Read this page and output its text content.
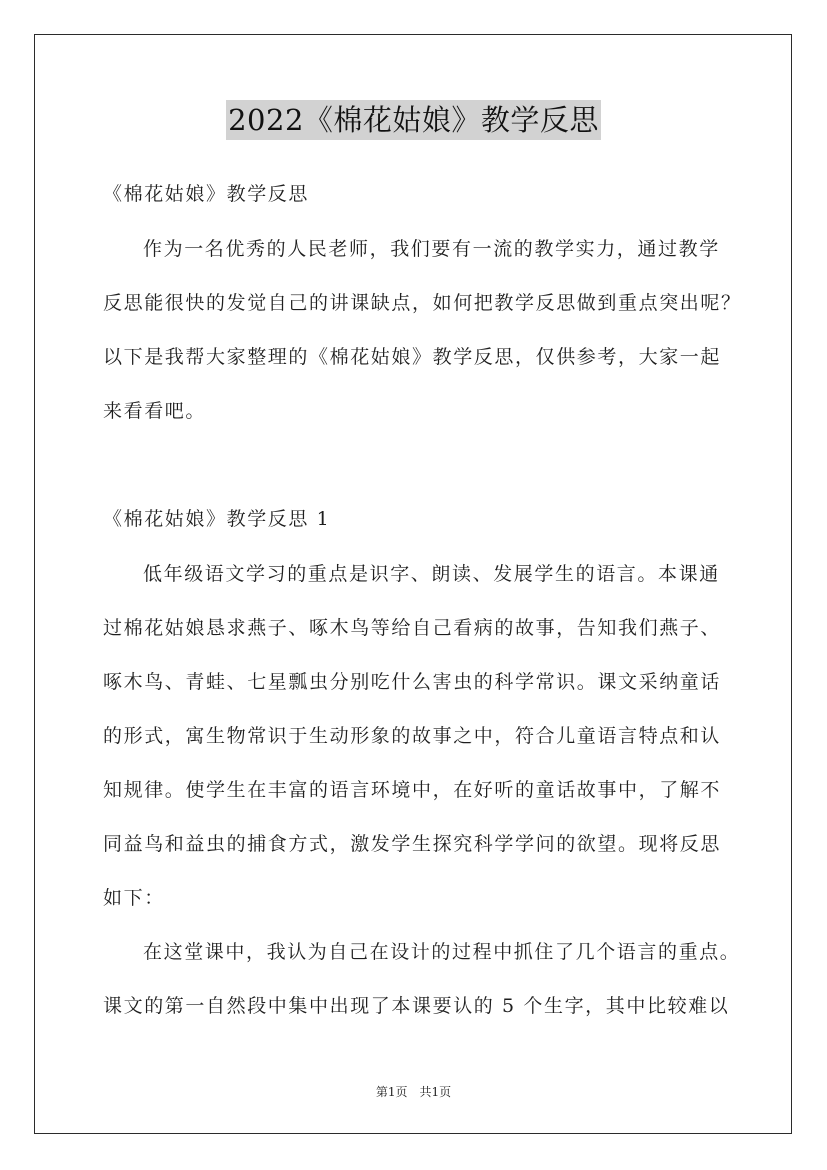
2022《棉花姑娘》教学反思
《棉花姑娘》教学反思
作为一名优秀的人民老师，我们要有一流的教学实力，通过教学
反思能很快的发觉自己的讲课缺点，如何把教学反思做到重点突出呢？
以下是我帮大家整理的《棉花姑娘》教学反思，仅供参考，大家一起
来看看吧。
《棉花姑娘》教学反思 1
低年级语文学习的重点是识字、朗读、发展学生的语言。本课通
过棉花姑娘恳求燕子、啄木鸟等给自己看病的故事，告知我们燕子、
啄木鸟、青蛙、七星瓢虫分别吃什么害虫的科学常识。课文采纳童话
的形式，寓生物常识于生动形象的故事之中，符合儿童语言特点和认
知规律。使学生在丰富的语言环境中，在好听的童话故事中，了解不
同益鸟和益虫的捕食方式，激发学生探究科学学问的欲望。现将反思
如下：
在这堂课中，我认为自己在设计的过程中抓住了几个语言的重点。
课文的第一自然段中集中出现了本课要认的 5 个生字，其中比较难以
第1页　共1页
